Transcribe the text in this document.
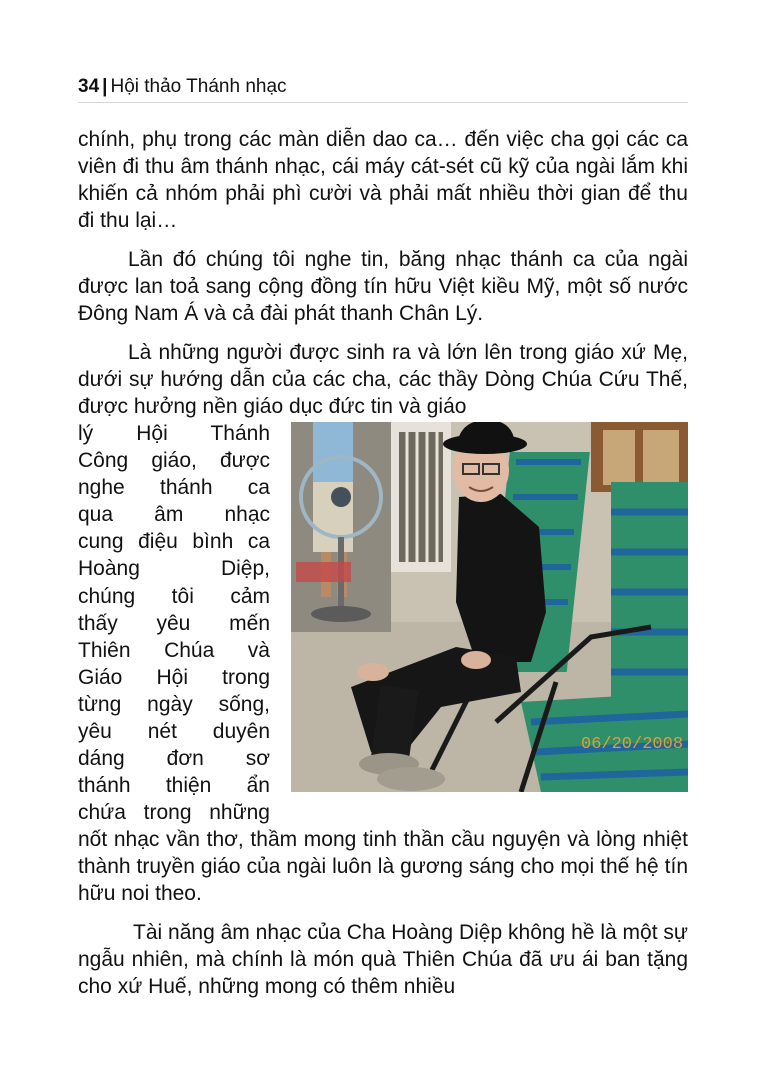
34 | Hội thảo Thánh nhạc

chính, phụ trong các màn diễn dao ca… đến việc cha gọi các ca viên đi thu âm thánh nhạc, cái máy cát-sét cũ kỹ của ngài lắm khi khiến cả nhóm phải phì cười và phải mất nhiều thời gian để thu đi thu lại…

Lần đó chúng tôi nghe tin, băng nhạc thánh ca của ngài được lan toả sang cộng đồng tín hữu Việt kiều Mỹ, một số nước Đông Nam Á và cả đài phát thanh Chân Lý.

Là những người được sinh ra và lớn lên trong giáo xứ Mẹ, dưới sự hướng dẫn của các cha, các thầy Dòng Chúa Cứu Thế, được hưởng nền giáo dục đức tin và giáo

06/20/2008
lý Hội Thánh
Công giáo, được
nghe thánh ca
qua âm nhạc
cung điệu bình ca
Hoàng Diệp,
chúng tôi cảm
thấy yêu mến
Thiên Chúa và
Giáo Hội trong
từng ngày sống,
yêu nét duyên
dáng đơn sơ
thánh thiện ẩn
chứa trong những

nốt nhạc vần thơ, thầm mong tinh thần cầu nguyện và lòng nhiệt thành truyền giáo của ngài luôn là gương sáng cho mọi thế hệ tín hữu noi theo.

Tài năng âm nhạc của Cha Hoàng Diệp không hề là một sự ngẫu nhiên, mà chính là món quà Thiên Chúa đã ưu ái ban tặng cho xứ Huế, những mong có thêm nhiều
